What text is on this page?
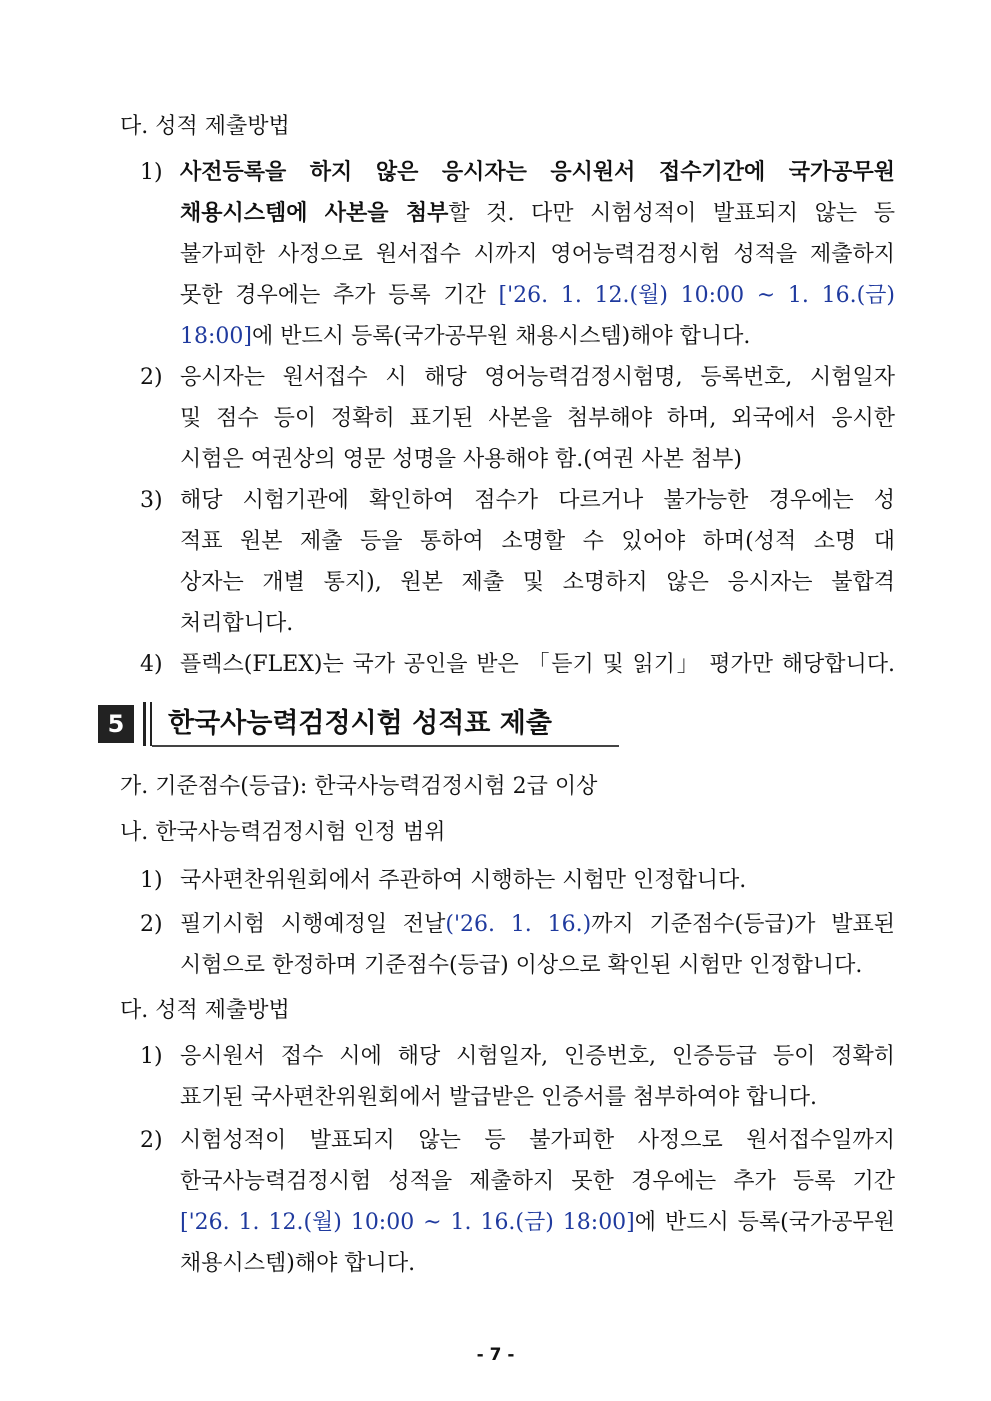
다. 성적 제출방법
1) 사전등록을 하지 않은 응시자는 응시원서 접수기간에 국가공무원
채용시스템에 사본을 첨부할 것. 다만 시험성적이 발표되지 않는 등
불가피한 사정으로 원서접수 시까지 영어능력검정시험 성적을 제출하지
못한 경우에는 추가 등록 기간 ['26. 1. 12.(월) 10:00 ~ 1. 16.(금)
18:00]에 반드시 등록(국가공무원 채용시스템)해야 합니다.
2) 응시자는 원서접수 시 해당 영어능력검정시험명, 등록번호, 시험일자
및 점수 등이 정확히 표기된 사본을 첨부해야 하며, 외국에서 응시한
시험은 여권상의 영문 성명을 사용해야 함.(여권 사본 첨부)
3) 해당 시험기관에 확인하여 점수가 다르거나 불가능한 경우에는 성
적표 원본 제출 등을 통하여 소명할 수 있어야 하며(성적 소명 대
상자는 개별 통지), 원본 제출 및 소명하지 않은 응시자는 불합격
처리합니다.
4) 플렉스(FLEX)는 국가 공인을 받은 「듣기 및 읽기」 평가만 해당합니다.
5	한국사능력검정시험 성적표 제출
가. 기준점수(등급): 한국사능력검정시험 2급 이상
나. 한국사능력검정시험 인정 범위
1) 국사편찬위원회에서 주관하여 시행하는 시험만 인정합니다.
2) 필기시험 시행예정일 전날('26. 1. 16.)까지 기준점수(등급)가 발표된
시험으로 한정하며 기준점수(등급) 이상으로 확인된 시험만 인정합니다.
다. 성적 제출방법
1) 응시원서 접수 시에 해당 시험일자, 인증번호, 인증등급 등이 정확히
표기된 국사편찬위원회에서 발급받은 인증서를 첨부하여야 합니다.
2) 시험성적이 발표되지 않는 등 불가피한 사정으로 원서접수일까지
한국사능력검정시험 성적을 제출하지 못한 경우에는 추가 등록 기간
['26. 1. 12.(월) 10:00 ~ 1. 16.(금) 18:00]에 반드시 등록(국가공무원
채용시스템)해야 합니다.
- 7 -
